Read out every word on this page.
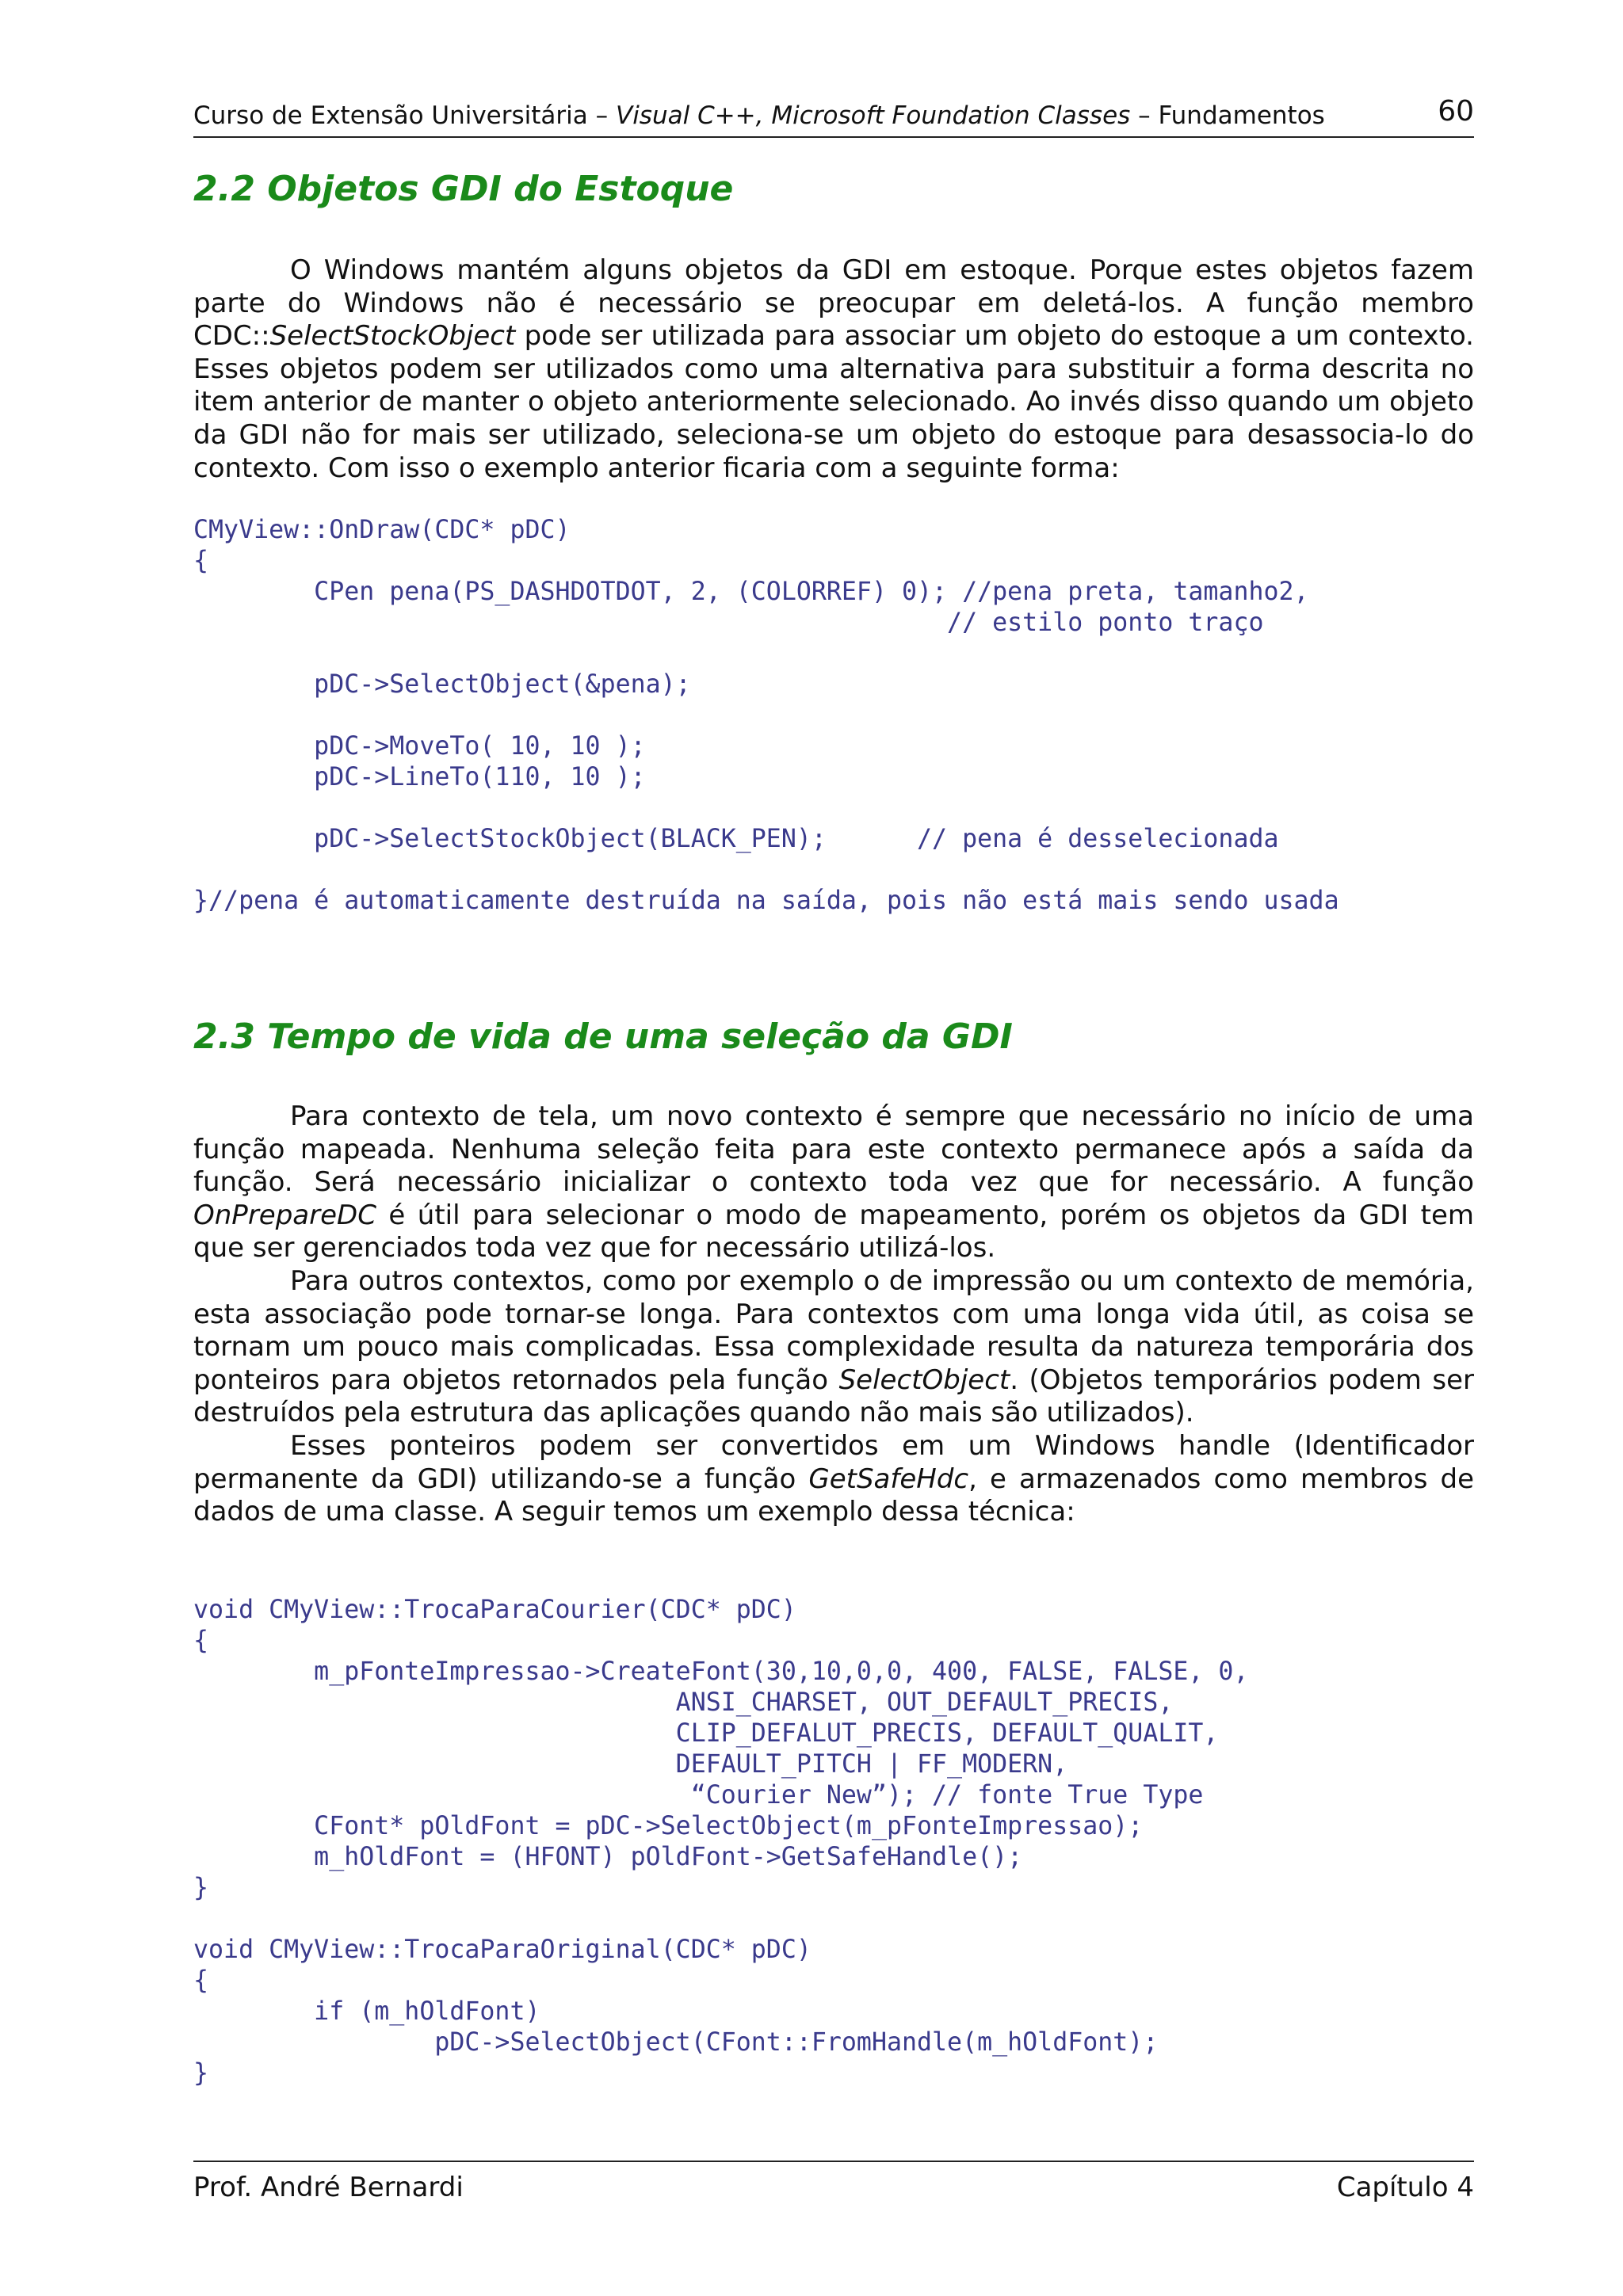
Curso de Extensão Universitária – Visual C++, Microsoft Foundation Classes – Fundamentos	60
2.2 Objetos GDI do Estoque

O Windows mantém alguns objetos da GDI em estoque. Porque estes objetos fazem parte do Windows não é necessário se preocupar em deletá-los. A função membro CDC::SelectStockObject pode ser utilizada para associar um objeto do estoque a um contexto. Esses objetos podem ser utilizados como uma alternativa para substituir a forma descrita no item anterior de manter o objeto anteriormente selecionado. Ao invés disso quando um objeto da GDI não for mais ser utilizado, seleciona-se um objeto do estoque para desassocia-lo do contexto. Com isso o exemplo anterior ficaria com a seguinte forma:

CMyView::OnDraw(CDC* pDC)
{
CPen pena(PS_DASHDOTDOT, 2, (COLORREF) 0); //pena preta, tamanho2,
// estilo ponto traço
pDC->SelectObject(&pena);
pDC->MoveTo( 10, 10 );
pDC->LineTo(110, 10 );
pDC->SelectStockObject(BLACK_PEN);      // pena é desselecionada
}//pena é automaticamente destruída na saída, pois não está mais sendo usada
2.3 Tempo de vida de uma seleção da GDI

Para contexto de tela, um novo contexto é sempre que necessário no início de uma função mapeada. Nenhuma seleção feita para este contexto permanece após a saída da função. Será necessário inicializar o contexto toda vez que for necessário. A função OnPrepareDC é útil para selecionar o modo de mapeamento, porém os objetos da GDI tem que ser gerenciados toda vez que for necessário utilizá-los.

Para outros contextos, como por exemplo o de impressão ou um contexto de memória, esta associação pode tornar-se longa. Para contextos com uma longa vida útil, as coisa se tornam um pouco mais complicadas. Essa complexidade resulta da natureza temporária dos ponteiros para objetos retornados pela função SelectObject. (Objetos temporários podem ser destruídos pela estrutura das aplicações quando não mais são utilizados).

Esses ponteiros podem ser convertidos em um Windows handle (Identificador permanente da GDI) utilizando-se a função GetSafeHdc, e armazenados como membros de dados de uma classe. A seguir temos um exemplo dessa técnica:

void CMyView::TrocaParaCourier(CDC* pDC)
{
m_pFonteImpressao->CreateFont(30,10,0,0, 400, FALSE, FALSE, 0,
ANSI_CHARSET, OUT_DEFAULT_PRECIS,
CLIP_DEFALUT_PRECIS, DEFAULT_QUALIT,
DEFAULT_PITCH | FF_MODERN,
“Courier New”); // fonte True Type
CFont* pOldFont = pDC->SelectObject(m_pFonteImpressao);
m_hOldFont = (HFONT) pOldFont->GetSafeHandle();
}
void CMyView::TrocaParaOriginal(CDC* pDC)
{
if (m_hOldFont)
pDC->SelectObject(CFont::FromHandle(m_hOldFont);
}
Prof. André Bernardi	Capítulo 4
